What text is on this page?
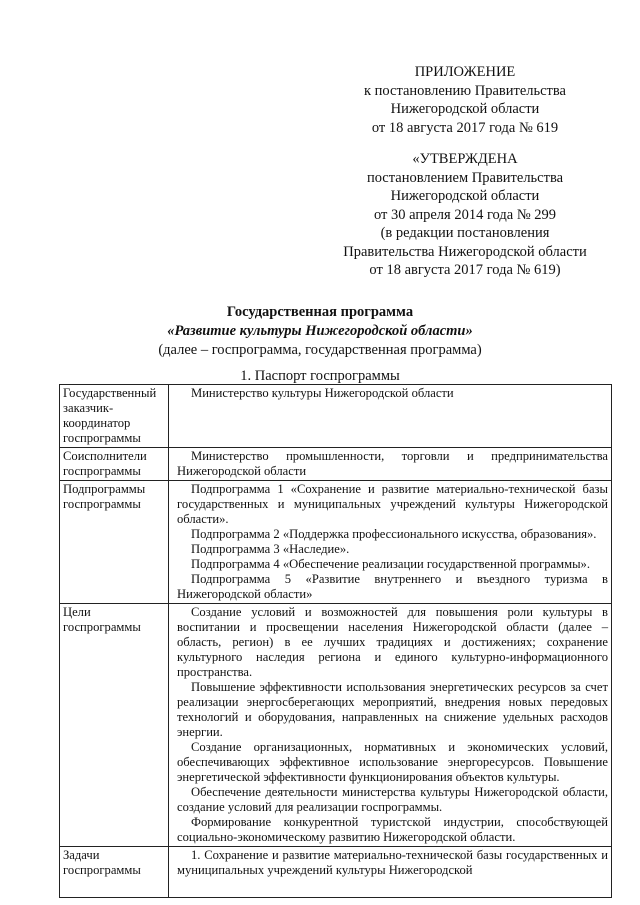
ПРИЛОЖЕНИЕ
к постановлению Правительства
Нижегородской области
от 18 августа 2017 года № 619
«УТВЕРЖДЕНА
постановлением Правительства
Нижегородской области
от 30 апреля 2014 года № 299
(в редакции постановления
Правительства Нижегородской области
от 18 августа 2017 года № 619)
Государственная программа
«Развитие культуры Нижегородской области»
(далее – госпрограмма, государственная программа)
1. Паспорт госпрограммы
Государственный заказчик-координатор госпрограммы	Министерство культуры Нижегородской области

Соисполнители госпрограммы	Министерство промышленности, торговли и предпринимательства Нижегородской области

Подпрограммы госпрограммы	Подпрограмма 1 «Сохранение и развитие материально-технической базы государственных и муниципальных учреждений культуры Нижегородской области».
Подпрограмма 2 «Поддержка профессионального искусства, образования».
Подпрограмма 3 «Наследие».
Подпрограмма 4 «Обеспечение реализации государственной программы».
Подпрограмма 5 «Развитие внутреннего и въездного туризма в Нижегородской области»

Цели госпрограммы	Создание условий и возможностей для повышения роли культуры в воспитании и просвещении населения Нижегородской области (далее – область, регион) в ее лучших традициях и достижениях; сохранение культурного наследия региона и единого культурно-информационного пространства.
Повышение эффективности использования энергетических ресурсов за счет реализации энергосберегающих мероприятий, внедрения новых передовых технологий и оборудования, направленных на снижение удельных расходов энергии.
Создание организационных, нормативных и экономических условий, обеспечивающих эффективное использование энергоресурсов. Повышение энергетической эффективности функционирования объектов культуры.
Обеспечение деятельности министерства культуры Нижегородской области, создание условий для реализации госпрограммы.
Формирование конкурентной туристской индустрии, способствующей социально-экономическому развитию Нижегородской области.

Задачи госпрограммы	1. Сохранение и развитие материально-технической базы государственных и муниципальных учреждений культуры Нижегородской
